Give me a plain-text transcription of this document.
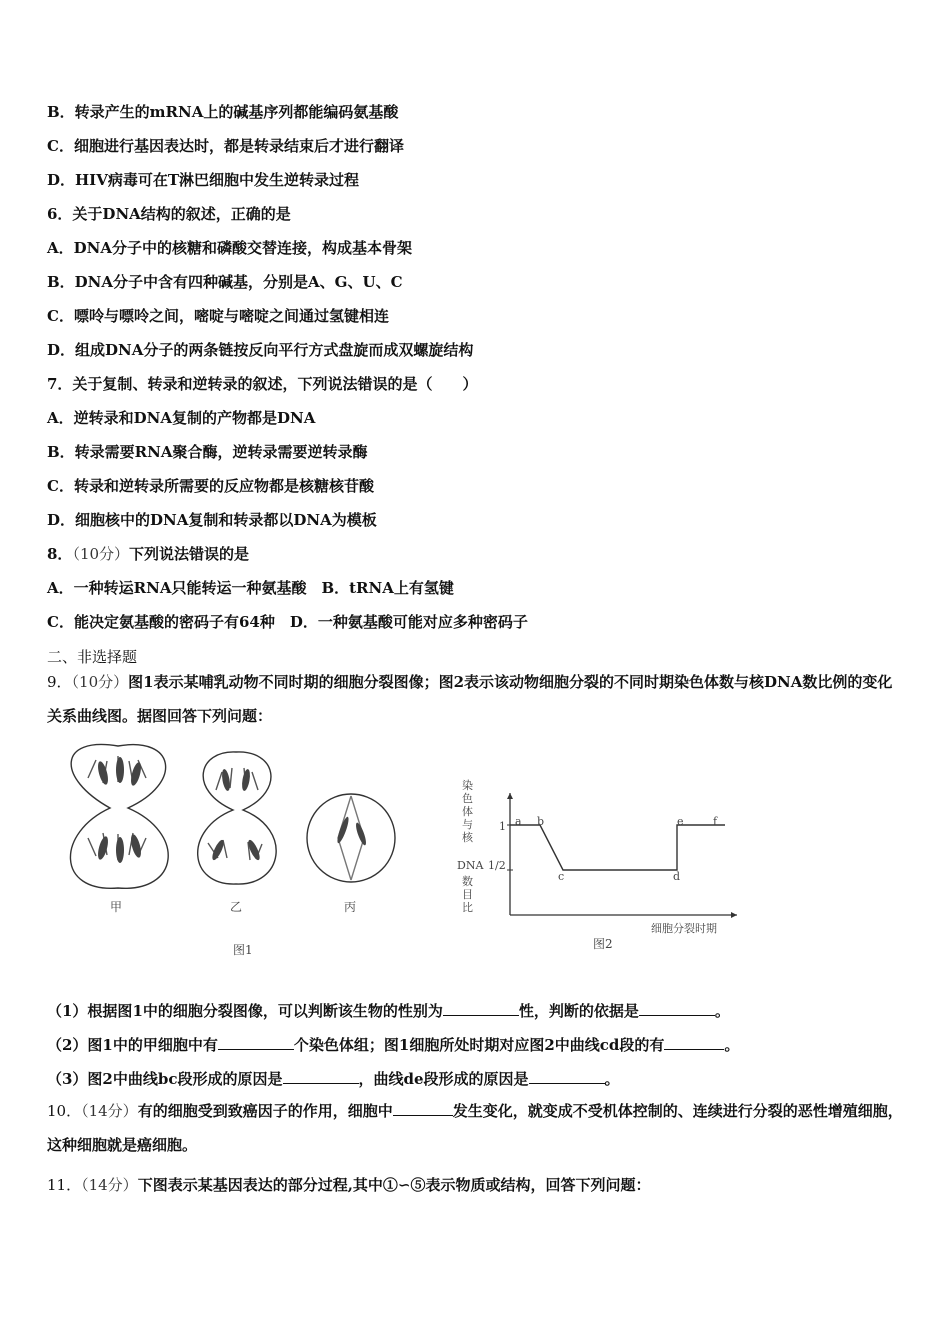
B．转录产生的mRNA上的碱基序列都能编码氨基酸
C．细胞进行基因表达时，都是转录结束后才进行翻译
D．HIV病毒可在T淋巴细胞中发生逆转录过程
6．关于DNA结构的叙述，正确的是
A．DNA分子中的核糖和磷酸交替连接，构成基本骨架
B．DNA分子中含有四种碱基，分别是A、G、U、C
C．嘌呤与嘌呤之间，嘧啶与嘧啶之间通过氢键相连
D．组成DNA分子的两条链按反向平行方式盘旋而成双螺旋结构
7．关于复制、转录和逆转录的叙述，下列说法错误的是（　　）
A．逆转录和DNA复制的产物都是DNA
B．转录需要RNA聚合酶，逆转录需要逆转录酶
C．转录和逆转录所需要的反应物都是核糖核苷酸
D．细胞核中的DNA复制和转录都以DNA为模板
8．（10分）下列说法错误的是
A．一种转运RNA只能转运一种氨基酸　B．tRNA上有氢键
C．能决定氨基酸的密码子有64种　D．一种氨基酸可能对应多种密码子
二、非选择题
9．（10分）图1表示某哺乳动物不同时期的细胞分裂图像；图2表示该动物细胞分裂的不同时期染色体数与核DNA数比例的变化关系曲线图。据图回答下列问题：
甲	乙	丙
图1
染
色
体
与
核
DNA
数
目
比
1
1/2
a b
c	d
e	f
细胞分裂时期
图2
（1）根据图1中的细胞分裂图像，可以判断该生物的性别为	性，判断的依据是	。
（2）图1中的甲细胞中有	个染色体组；图1细胞所处时期对应图2中曲线cd段的有	。
（3）图2中曲线bc段形成的原因是	，曲线de段形成的原因是	。
10．（14分）有的细胞受到致癌因子的作用，细胞中	发生变化，就变成不受机体控制的、连续进行分裂的恶性增殖细胞，这种细胞就是癌细胞。
11．（14分）下图表示某基因表达的部分过程,其中①∽⑤表示物质或结构，回答下列问题：
